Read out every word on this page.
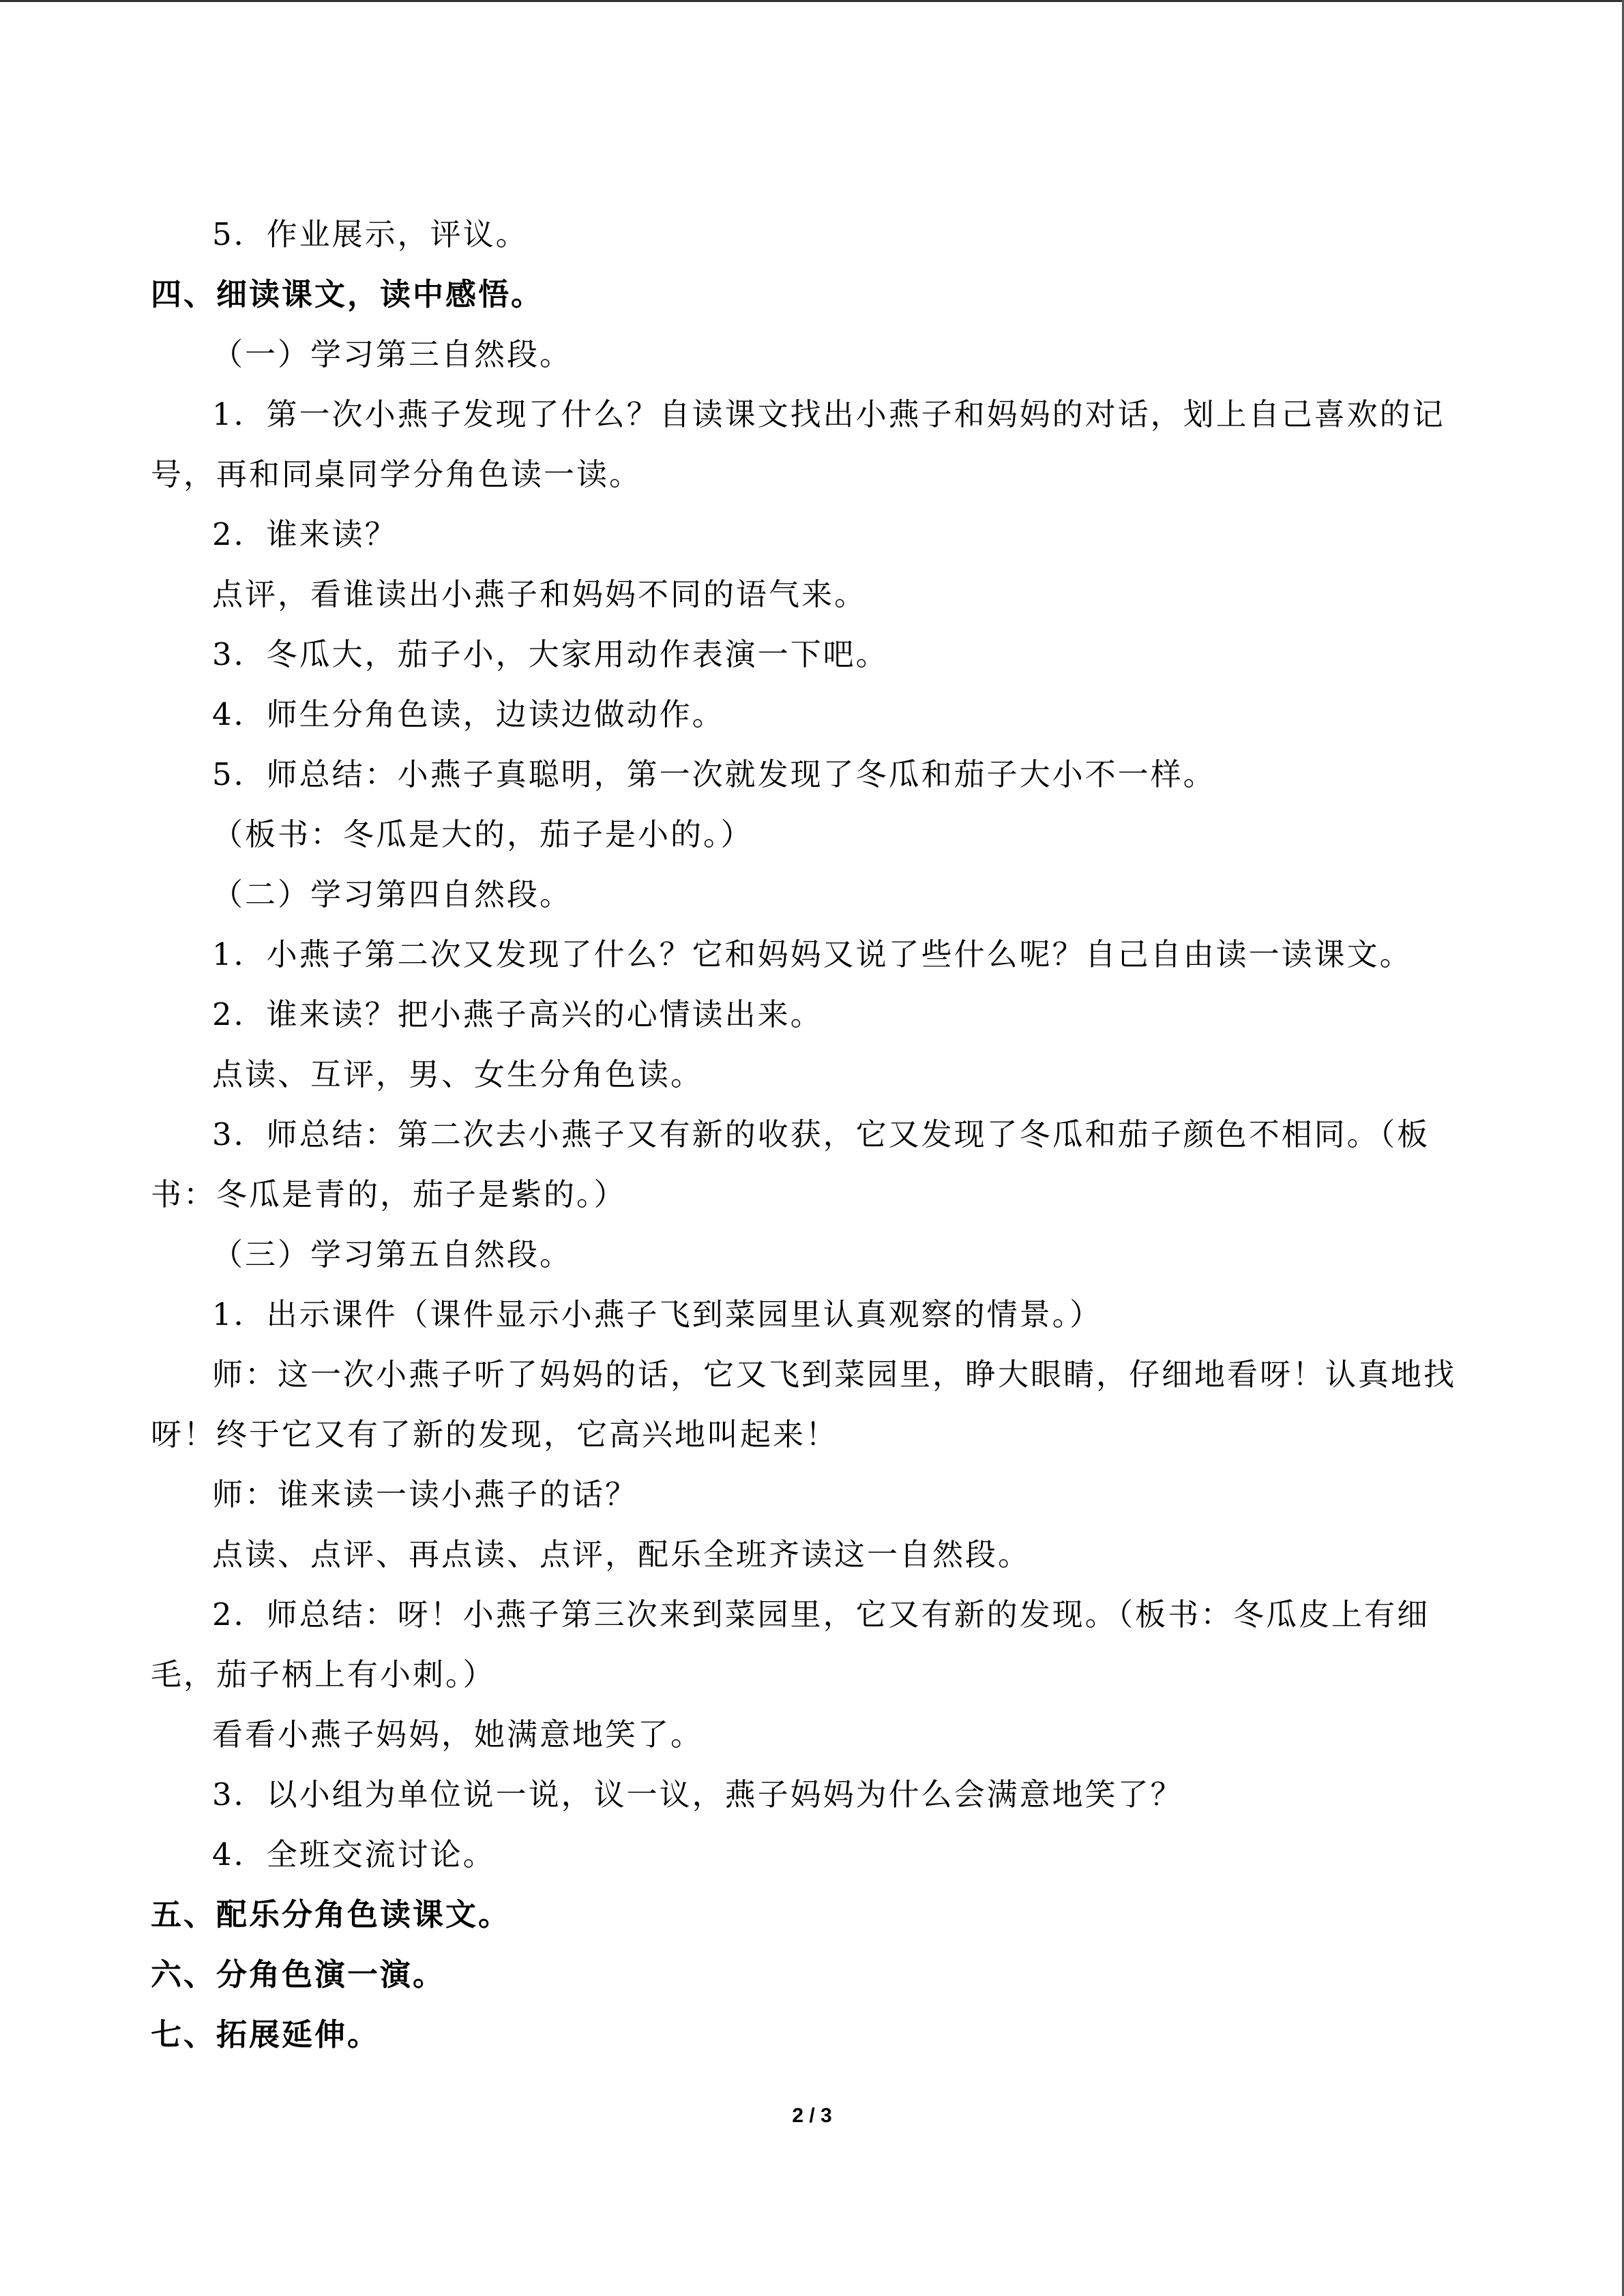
5．作业展示，评议。
四、细读课文，读中感悟。
（一）学习第三自然段。
1．第一次小燕子发现了什么？自读课文找出小燕子和妈妈的对话，划上自己喜欢的记
号，再和同桌同学分角色读一读。
2．谁来读？
点评，看谁读出小燕子和妈妈不同的语气来。
3．冬瓜大，茄子小，大家用动作表演一下吧。
4．师生分角色读，边读边做动作。
5．师总结：小燕子真聪明，第一次就发现了冬瓜和茄子大小不一样。
（板书：冬瓜是大的，茄子是小的。）
（二）学习第四自然段。
1．小燕子第二次又发现了什么？它和妈妈又说了些什么呢？自己自由读一读课文。
2．谁来读？把小燕子高兴的心情读出来。
点读、互评，男、女生分角色读。
3．师总结：第二次去小燕子又有新的收获，它又发现了冬瓜和茄子颜色不相同。（板
书：冬瓜是青的，茄子是紫的。）
（三）学习第五自然段。
1．出示课件（课件显示小燕子飞到菜园里认真观察的情景。）
师：这一次小燕子听了妈妈的话，它又飞到菜园里，睁大眼睛，仔细地看呀！认真地找
呀！终于它又有了新的发现，它高兴地叫起来！
师：谁来读一读小燕子的话？
点读、点评、再点读、点评，配乐全班齐读这一自然段。
2．师总结：呀！小燕子第三次来到菜园里，它又有新的发现。（板书：冬瓜皮上有细
毛，茄子柄上有小刺。）
看看小燕子妈妈，她满意地笑了。
3．以小组为单位说一说，议一议，燕子妈妈为什么会满意地笑了？
4．全班交流讨论。
五、配乐分角色读课文。
六、分角色演一演。
七、拓展延伸。
2 / 3
